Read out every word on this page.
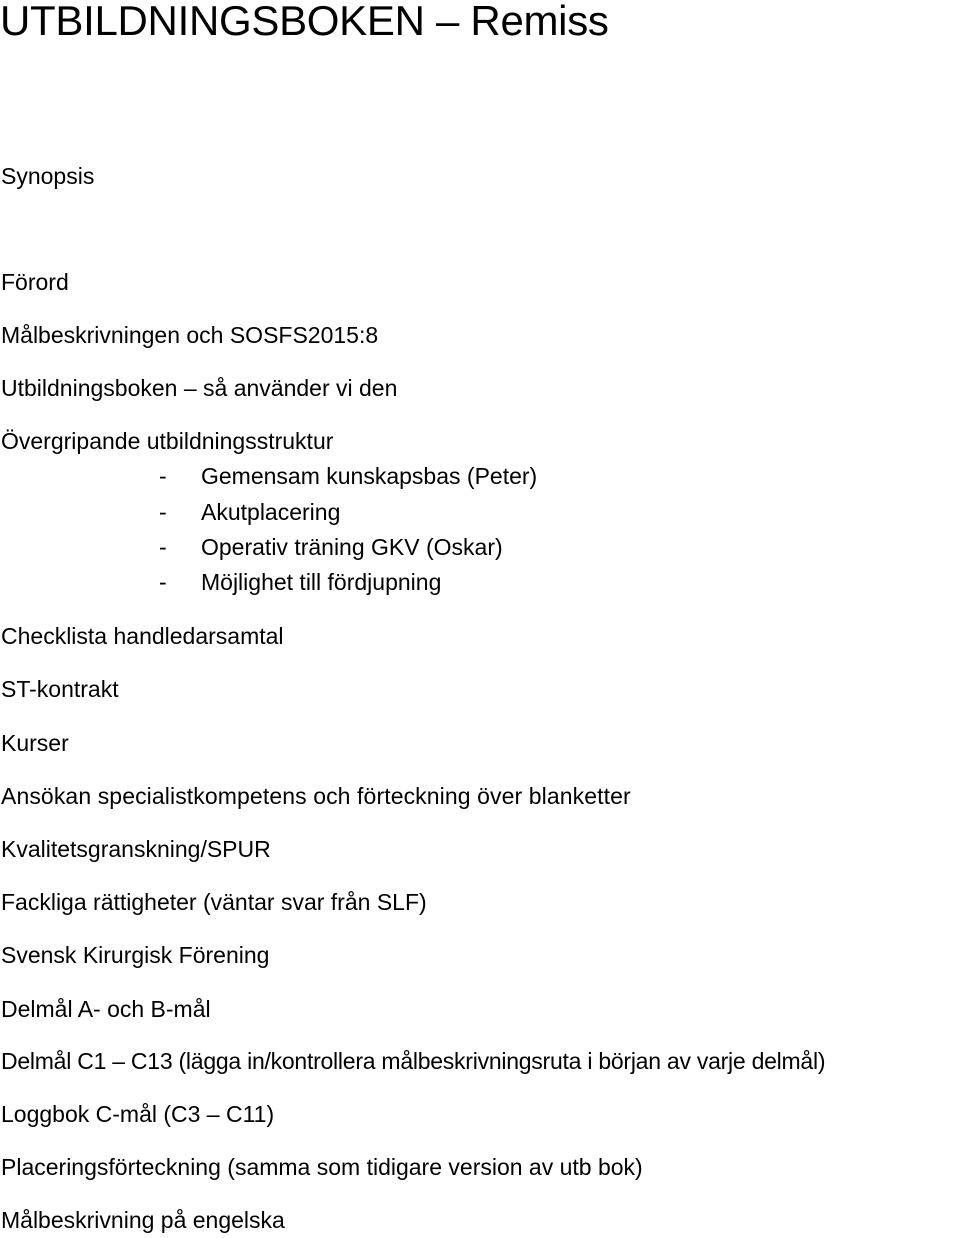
UTBILDNINGSBOKEN – Remiss
Synopsis
Förord
Målbeskrivningen och SOSFS2015:8
Utbildningsboken – så använder vi den
Övergripande utbildningsstruktur
- Gemensam kunskapsbas (Peter)
- Akutplacering
- Operativ träning GKV (Oskar)
- Möjlighet till fördjupning
Checklista handledarsamtal
ST-kontrakt
Kurser
Ansökan specialistkompetens och förteckning över blanketter
Kvalitetsgranskning/SPUR
Fackliga rättigheter (väntar svar från SLF)
Svensk Kirurgisk Förening
Delmål A- och B-mål
Delmål C1 – C13 (lägga in/kontrollera målbeskrivningsruta i början av varje delmål)
Loggbok C-mål (C3 – C11)
Placeringsförteckning (samma som tidigare version av utb bok)
Målbeskrivning på engelska
